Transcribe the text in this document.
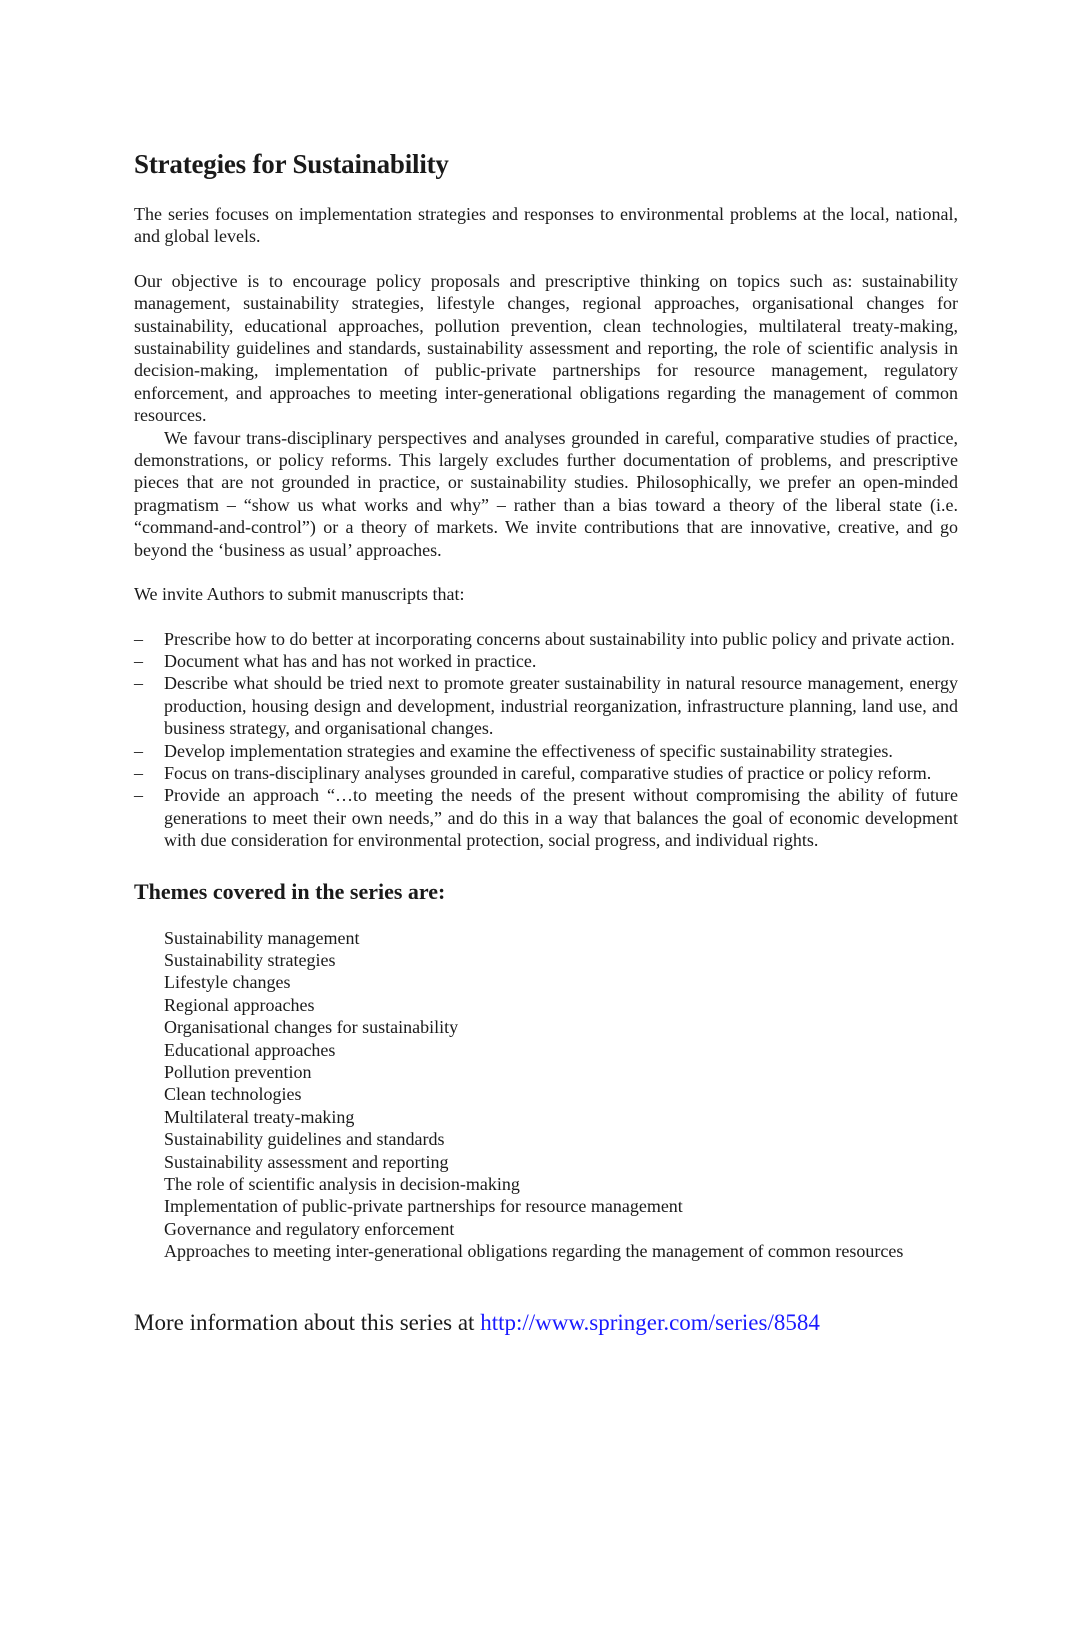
Strategies for Sustainability

The series focuses on implementation strategies and responses to environmental problems at the local, national, and global levels.

Our objective is to encourage policy proposals and prescriptive thinking on topics such as: sustainability management, sustainability strategies, lifestyle changes, regional approaches, organisational changes for sustainability, educational approaches, pollution prevention, clean technologies, multilateral treaty-making, sustainability guidelines and standards, sustainability assessment and reporting, the role of scientific analysis in decision-making, implementation of public-private partnerships for resource management, regulatory enforcement, and approaches to meeting inter-generational obligations regarding the management of common resources.

We favour trans-disciplinary perspectives and analyses grounded in careful, comparative studies of practice, demonstrations, or policy reforms. This largely excludes further documentation of problems, and prescriptive pieces that are not grounded in practice, or sustainability studies. Philosophically, we prefer an open-minded pragmatism – “show us what works and why” – rather than a bias toward a theory of the liberal state (i.e. “command-and-control”) or a theory of markets. We invite contributions that are innovative, creative, and go beyond the ‘business as usual’ approaches.

We invite Authors to submit manuscripts that:

– Prescribe how to do better at incorporating concerns about sustainability into public policy and private action.
– Document what has and has not worked in practice.
– Describe what should be tried next to promote greater sustainability in natural resource management, energy production, housing design and development, industrial reorganization, infrastructure planning, land use, and business strategy, and organisational changes.
– Develop implementation strategies and examine the effectiveness of specific sustainability strategies.
– Focus on trans-disciplinary analyses grounded in careful, comparative studies of practice or policy reform.
– Provide an approach “…to meeting the needs of the present without compromising the ability of future generations to meet their own needs,” and do this in a way that balances the goal of economic development with due consideration for environmental protection, social progress, and individual rights.
Themes covered in the series are:
Sustainability management
Sustainability strategies
Lifestyle changes
Regional approaches
Organisational changes for sustainability
Educational approaches
Pollution prevention
Clean technologies
Multilateral treaty-making
Sustainability guidelines and standards
Sustainability assessment and reporting
The role of scientific analysis in decision-making
Implementation of public-private partnerships for resource management
Governance and regulatory enforcement
Approaches to meeting inter-generational obligations regarding the management of common resources
More information about this series at http://www.springer.com/series/8584
